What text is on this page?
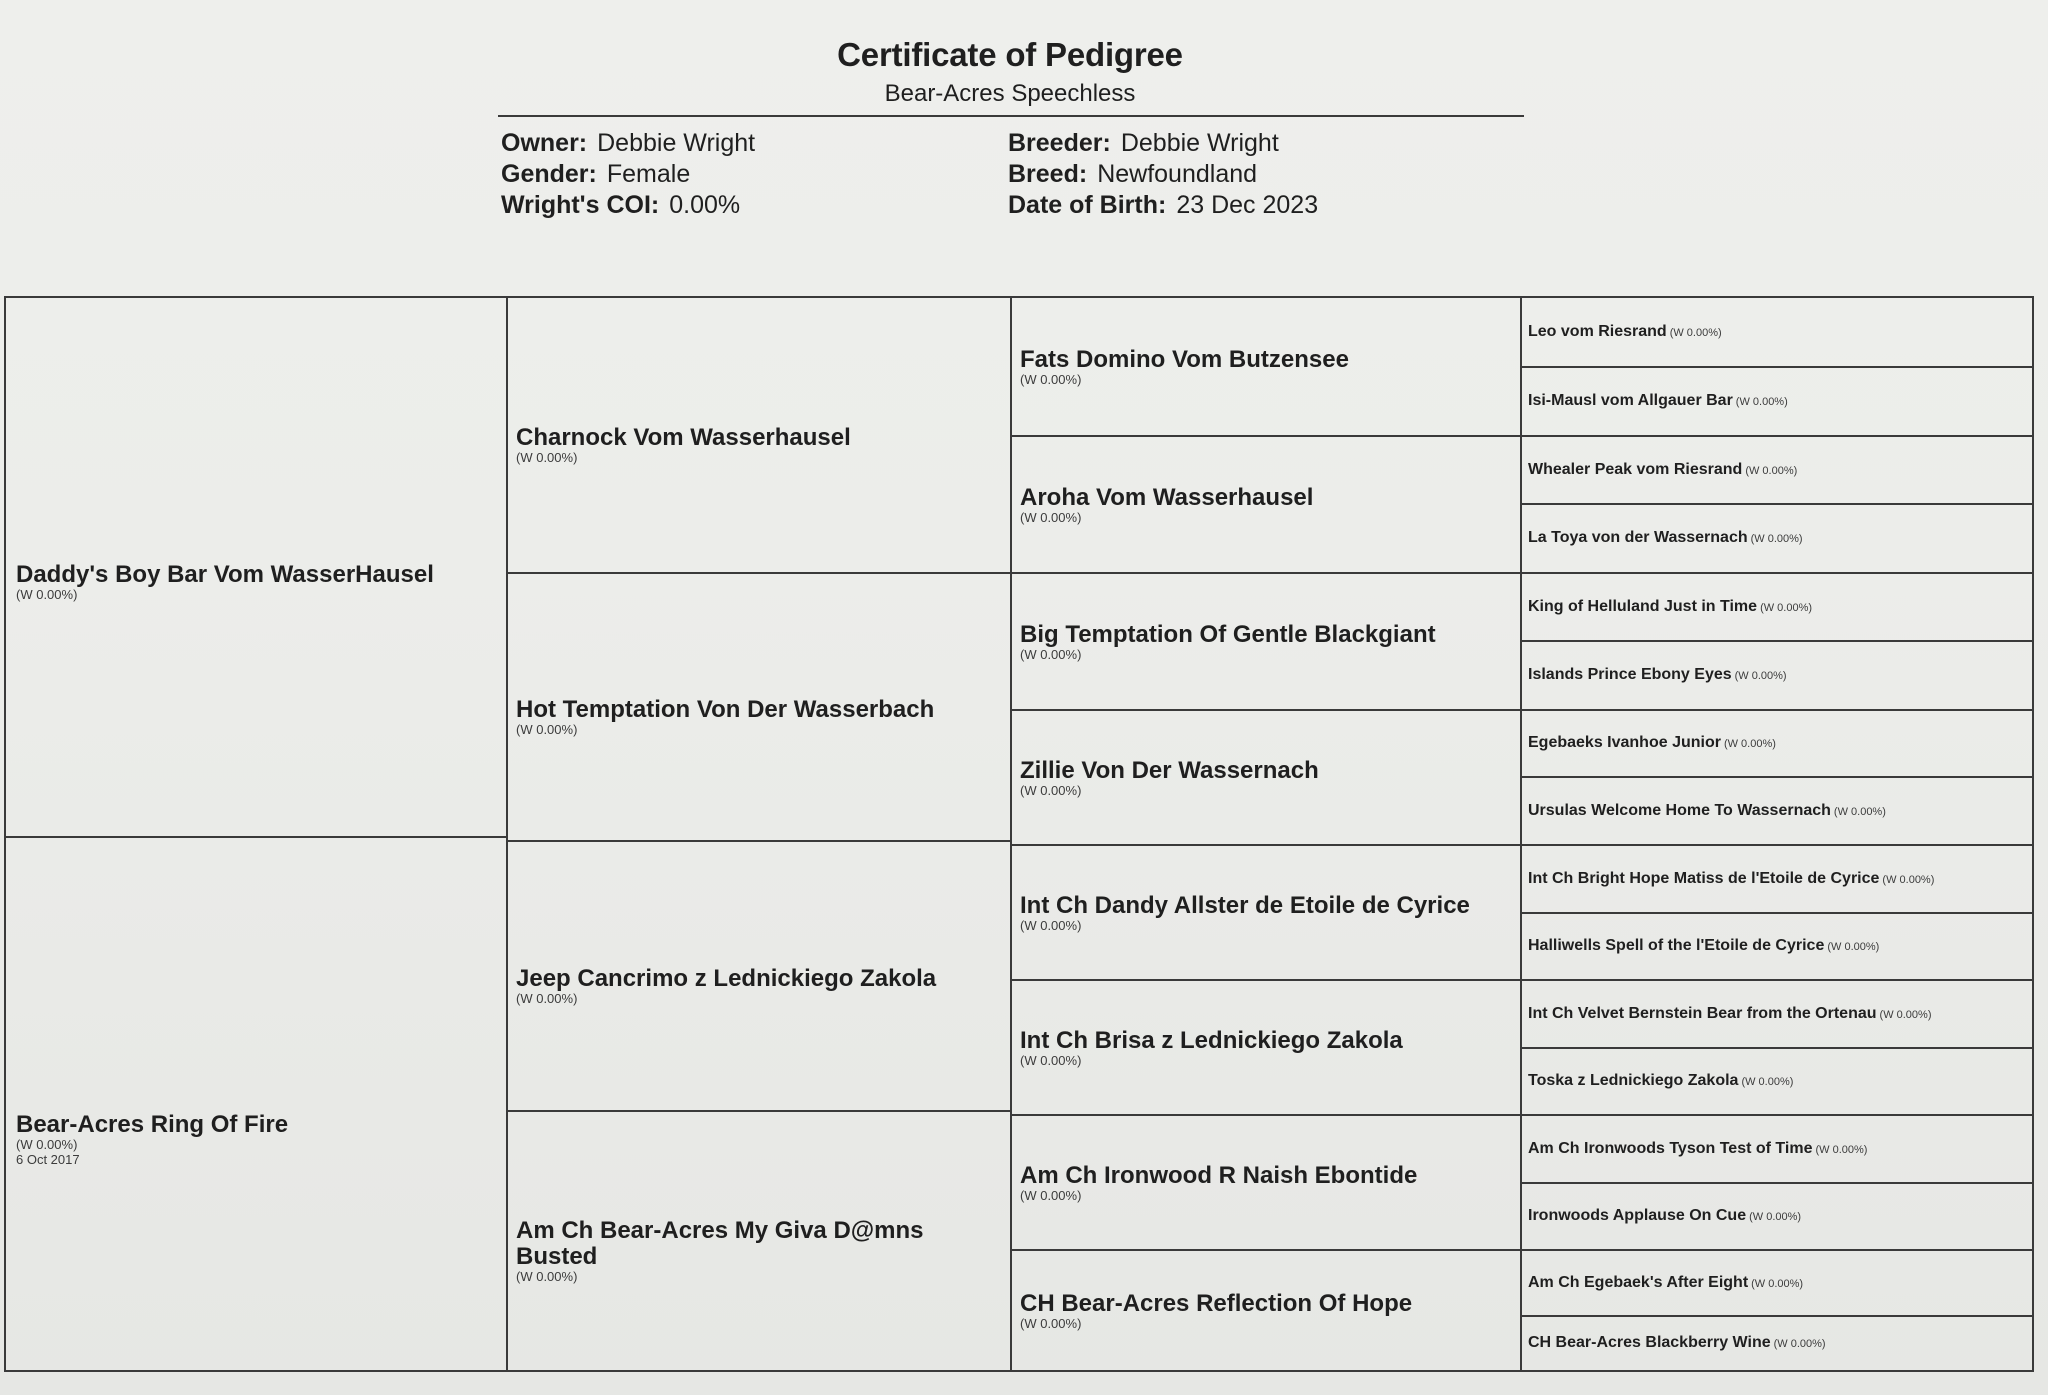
Certificate of Pedigree
Bear-Acres Speechless
Owner: Debbie Wright
Gender: Female
Wright's COI: 0.00%
Breeder: Debbie Wright
Breed: Newfoundland
Date of Birth: 23 Dec 2023
Daddy's Boy Bar Vom WasserHausel
(W 0.00%)
Bear-Acres Ring Of Fire
(W 0.00%)
6 Oct 2017
Charnock Vom Wasserhausel
(W 0.00%)
Hot Temptation Von Der Wasserbach
(W 0.00%)
Jeep Cancrimo z Lednickiego Zakola
(W 0.00%)
Am Ch Bear-Acres My Giva D@mns Busted
(W 0.00%)
Fats Domino Vom Butzensee
(W 0.00%)
Aroha Vom Wasserhausel
(W 0.00%)
Big Temptation Of Gentle Blackgiant
(W 0.00%)
Zillie Von Der Wassernach
(W 0.00%)
Int Ch Dandy Allster de Etoile de Cyrice
(W 0.00%)
Int Ch Brisa z Lednickiego Zakola
(W 0.00%)
Am Ch Ironwood R Naish Ebontide
(W 0.00%)
CH Bear-Acres Reflection Of Hope
(W 0.00%)
Leo vom Riesrand (W 0.00%)
Isi-Mausl vom Allgauer Bar (W 0.00%)
Whealer Peak vom Riesrand (W 0.00%)
La Toya von der Wassernach (W 0.00%)
King of Helluland Just in Time (W 0.00%)
Islands Prince Ebony Eyes (W 0.00%)
Egebaeks Ivanhoe Junior (W 0.00%)
Ursulas Welcome Home To Wassernach (W 0.00%)
Int Ch Bright Hope Matiss de l'Etoile de Cyrice (W 0.00%)
Halliwells Spell of the l'Etoile de Cyrice (W 0.00%)
Int Ch Velvet Bernstein Bear from the Ortenau (W 0.00%)
Toska z Lednickiego Zakola (W 0.00%)
Am Ch Ironwoods Tyson Test of Time (W 0.00%)
Ironwoods Applause On Cue (W 0.00%)
Am Ch Egebaek's After Eight (W 0.00%)
CH Bear-Acres Blackberry Wine (W 0.00%)
